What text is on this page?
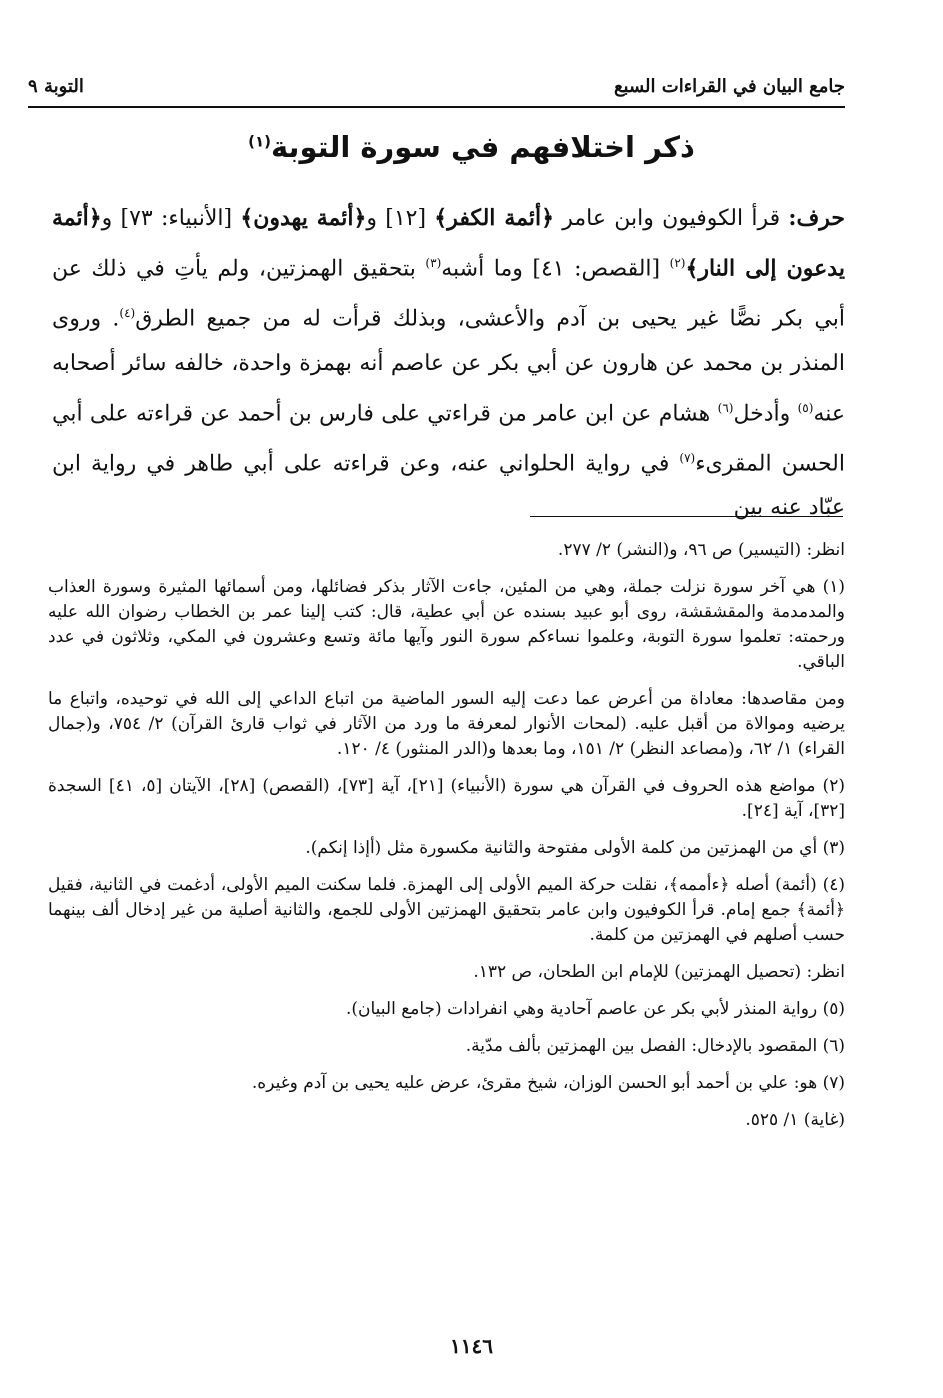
التوبة ٩	جامع البيان في القراءات السبع
ذكر اختلافهم في سورة التوبة$^{(١)}$

حرف: قرأ الكوفيون وابن عامر ﴿أئمة الكفر﴾ [١٢] و﴿أئمة يهدون﴾ [الأنبياء: ٧٣] و﴿أئمة يدعون إلى النار﴾$^{(٢)}$ [القصص: ٤١] وما أشبه$^{(٣)}$ بتحقيق الهمزتين، ولم يأتِ في ذلك عن أبي بكر نصًّا غير يحيى بن آدم والأعشى، وبذلك قرأت له من جميع الطرق$^{(٤)}$. وروى المنذر بن محمد عن هارون عن أبي بكر عن عاصم أنه بهمزة واحدة، خالفه سائر أصحابه عنه$^{(٥)}$ وأدخل$^{(٦)}$ هشام عن ابن عامر من قراءتي على فارس بن أحمد عن قراءته على أبي الحسن المقرىء$^{(٧)}$ في رواية الحلواني عنه، وعن قراءته على أبي طاهر في رواية ابن عبّاد عنه بين

انظر: (التيسير) ص ٩٦، و(النشر) ٢/ ٢٧٧.

(١) هي آخر سورة نزلت جملة، وهي من المئين، جاءت الآثار بذكر فضائلها، ومن أسمائها المثيرة وسورة العذاب والمدمدمة والمقشقشة، روى أبو عبيد بسنده عن أبي عطية، قال: كتب إلينا عمر بن الخطاب رضوان الله عليه ورحمته: تعلموا سورة التوبة، وعلموا نساءكم سورة النور وآيها مائة وتسع وعشرون في المكي، وثلاثون في عدد الباقي.

ومن مقاصدها: معاداة من أعرض عما دعت إليه السور الماضية من اتباع الداعي إلى الله في توحيده، واتباع ما يرضيه وموالاة من أقبل عليه. (لمحات الأنوار لمعرفة ما ورد من الآثار في ثواب قارئ القرآن) ٢/ ٧٥٤، و(جمال القراء) ١/ ٦٢، و(مصاعد النظر) ٢/ ١٥١، وما بعدها و(الدر المنثور) ٤/ ١٢٠.

(٢) مواضع هذه الحروف في القرآن هي سورة (الأنبياء) [٢١]، آية [٧٣]، (القصص) [٢٨]، الآيتان [٥، ٤١] السجدة [٣٢]، آية [٢٤].

(٣) أي من الهمزتين من كلمة الأولى مفتوحة والثانية مكسورة مثل (أإذا إنكم).

(٤) (أئمة) أصله ﴿ءأممه﴾، نقلت حركة الميم الأولى إلى الهمزة. فلما سكنت الميم الأولى، أدغمت في الثانية، فقيل ﴿أئمة﴾ جمع إمام. قرأ الكوفيون وابن عامر بتحقيق الهمزتين الأولى للجمع، والثانية أصلية من غير إدخال ألف بينهما حسب أصلهم في الهمزتين من كلمة.

انظر: (تحصيل الهمزتين) للإمام ابن الطحان، ص ١٣٢.

(٥) رواية المنذر لأبي بكر عن عاصم آحادية وهي انفرادات (جامع البيان).

(٦) المقصود بالإدخال: الفصل بين الهمزتين بألف مدّية.

(٧) هو: علي بن أحمد أبو الحسن الوزان، شيخ مقرئ، عرض عليه يحيى بن آدم وغيره.

(غاية) ١/ ٥٢٥.

١١٤٦
